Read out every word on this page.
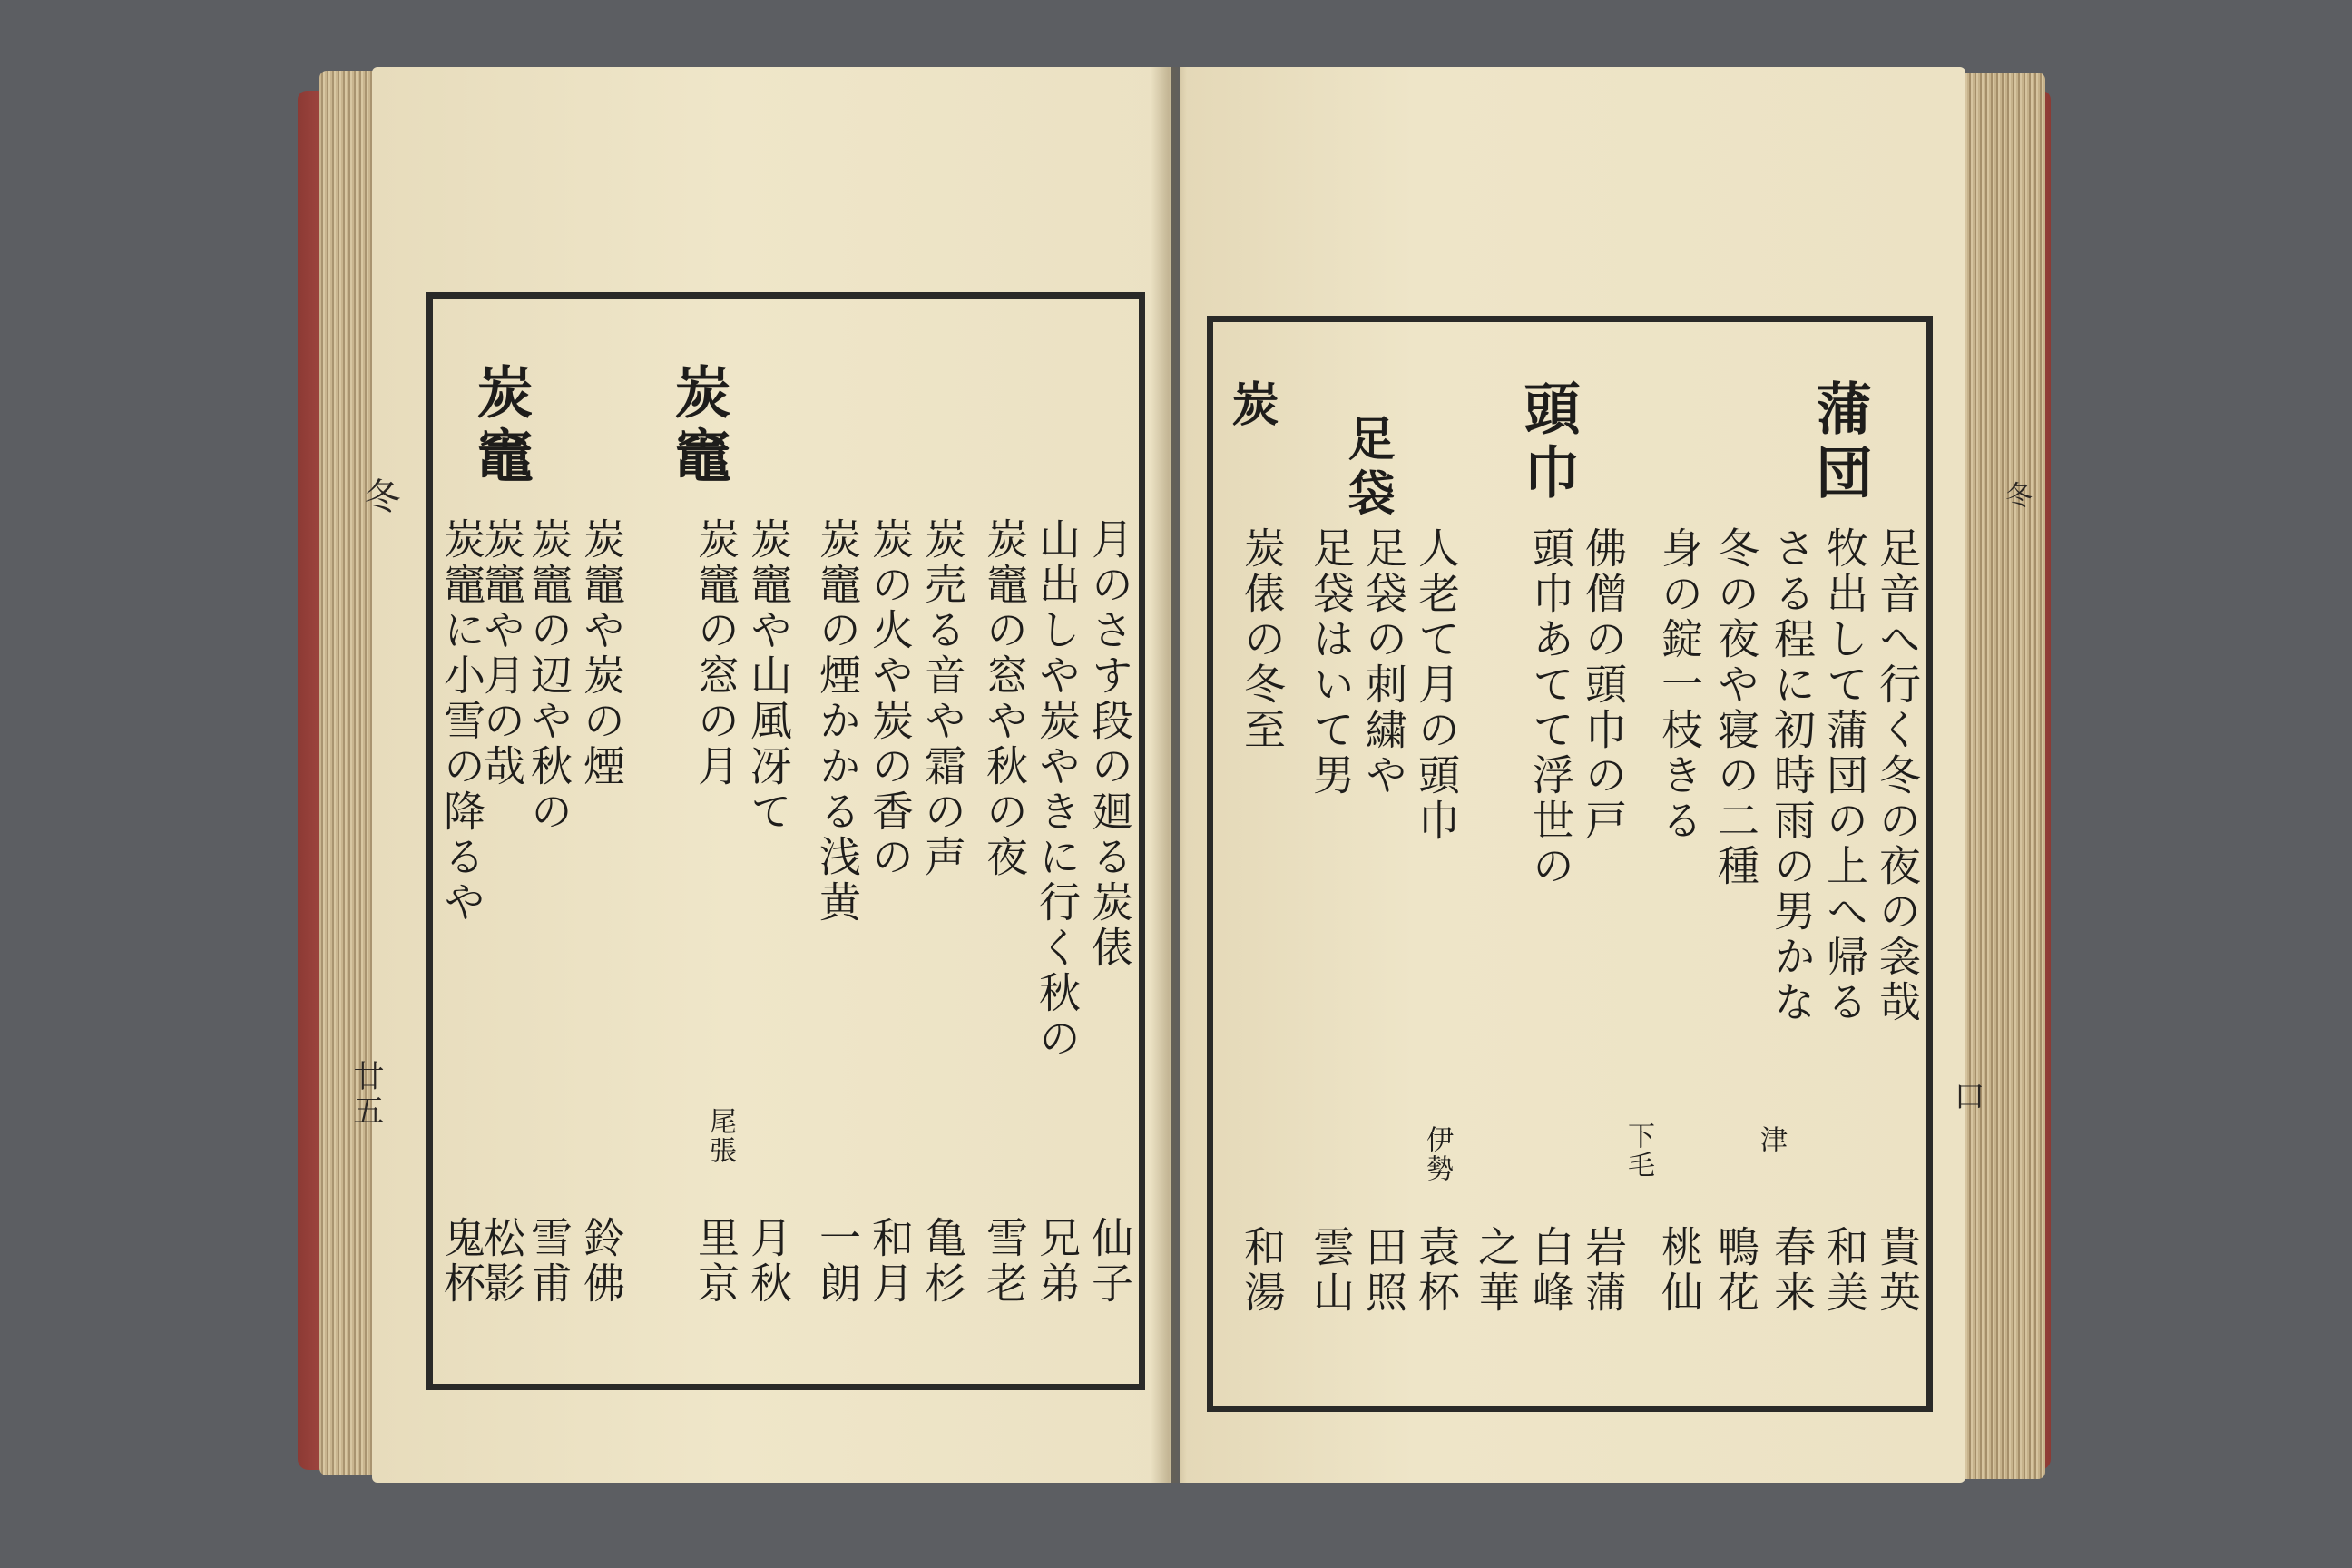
冬
廿五	口
冬
炭竈
炭竈
月のさす段の廻る炭俵
山出しや炭やきに行く秋の
炭竈の窓や秋の夜
炭売る音や霜の声
炭の火や炭の香の
炭竈の煙かかる浅黄
炭竈や山風冴て
尾張
炭竈の窓の月
炭竈や炭の煙
炭竈の辺や秋の
炭竈や月の哉
炭竈に小雪の降るや
仙子
兄弟
雪老
亀杉
和月
一朗
月秋
里京
鈴佛
雪甫
松影
鬼杯
蒲団
頭巾
足袋
炭
足音へ行く冬の夜の衾哉
牧出して蒲団の上へ帰る
さる程に初時雨の男かな
津
冬の夜や寝の二種
身の錠一枝きる
佛僧の頭巾の戸
下毛
頭巾あてて浮世の
人老て月の頭巾
足袋の刺繍や
伊勢
足袋はいて男
炭俵の冬至
貴英
和美
春来
鴨花
桃仙
岩蒲
白峰
之華
袁杯
田照
雲山
和湯
